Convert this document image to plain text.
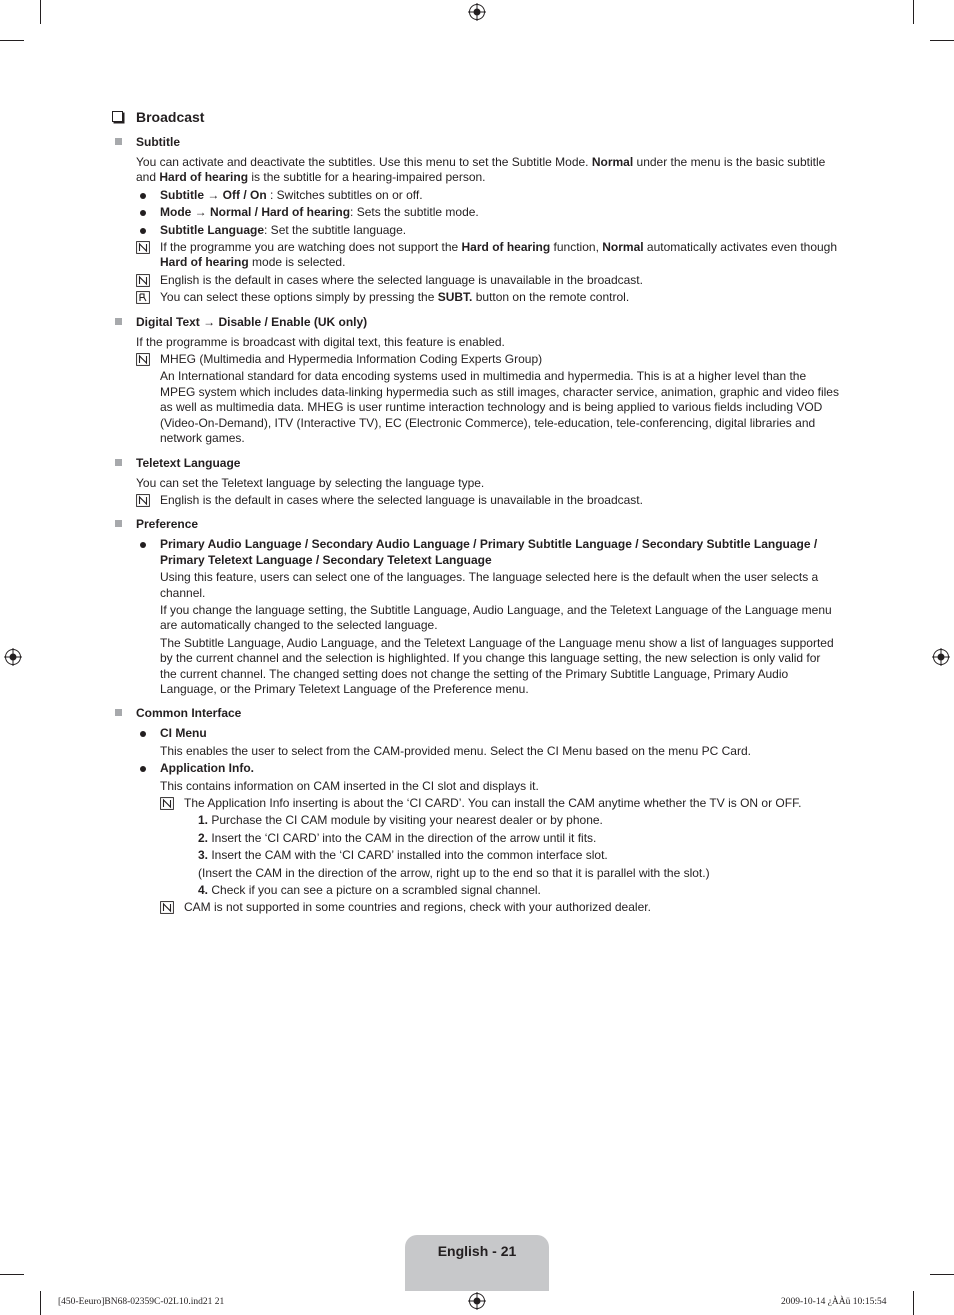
Broadcast
Subtitle
You can activate and deactivate the subtitles. Use this menu to set the Subtitle Mode. Normal under the menu is the basic subtitle and Hard of hearing is the subtitle for a hearing-impaired person.
Subtitle → Off / On : Switches subtitles on or off.
Mode → Normal / Hard of hearing: Sets the subtitle mode.
Subtitle Language: Set the subtitle language.
If the programme you are watching does not support the Hard of hearing function, Normal automatically activates even though Hard of hearing mode is selected.
English is the default in cases where the selected language is unavailable in the broadcast.
You can select these options simply by pressing the SUBT. button on the remote control.
Digital Text → Disable / Enable (UK only)
If the programme is broadcast with digital text, this feature is enabled.
MHEG (Multimedia and Hypermedia Information Coding Experts Group)
An International standard for data encoding systems used in multimedia and hypermedia. This is at a higher level than the MPEG system which includes data-linking hypermedia such as still images, character service, animation, graphic and video files as well as multimedia data. MHEG is user runtime interaction technology and is being applied to various fields including VOD (Video-On-Demand), ITV (Interactive TV), EC (Electronic Commerce), tele-education, tele-conferencing, digital libraries and network games.
Teletext Language
You can set the Teletext language by selecting the language type.
English is the default in cases where the selected language is unavailable in the broadcast.
Preference
Primary Audio Language / Secondary Audio Language / Primary Subtitle Language / Secondary Subtitle Language / Primary Teletext Language / Secondary Teletext Language
Using this feature, users can select one of the languages. The language selected here is the default when the user selects a channel.
If you change the language setting, the Subtitle Language, Audio Language, and the Teletext Language of the Language menu are automatically changed to the selected language.
The Subtitle Language, Audio Language, and the Teletext Language of the Language menu show a list of languages supported by the current channel and the selection is highlighted. If you change this language setting, the new selection is only valid for the current channel. The changed setting does not change the setting of the Primary Subtitle Language, Primary Audio Language, or the Primary Teletext Language of the Preference menu.
Common Interface
CI Menu
This enables the user to select from the CAM-provided menu. Select the CI Menu based on the menu PC Card.
Application Info.
This contains information on CAM inserted in the CI slot and displays it.
The Application Info inserting is about the ‘CI CARD’. You can install the CAM anytime whether the TV is ON or OFF.
1. Purchase the CI CAM module by visiting your nearest dealer or by phone.
2. Insert the ‘CI CARD’ into the CAM in the direction of the arrow until it fits.
3. Insert the CAM with the ‘CI CARD’ installed into the common interface slot.
(Insert the CAM in the direction of the arrow, right up to the end so that it is parallel with the slot.)
4. Check if you can see a picture on a scrambled signal channel.
CAM is not supported in some countries and regions, check with your authorized dealer.
English - 21
[450-Eeuro]BN68-02359C-02L10.ind21 21	2009-10-14 ¿ÀÀü 10:15:54
